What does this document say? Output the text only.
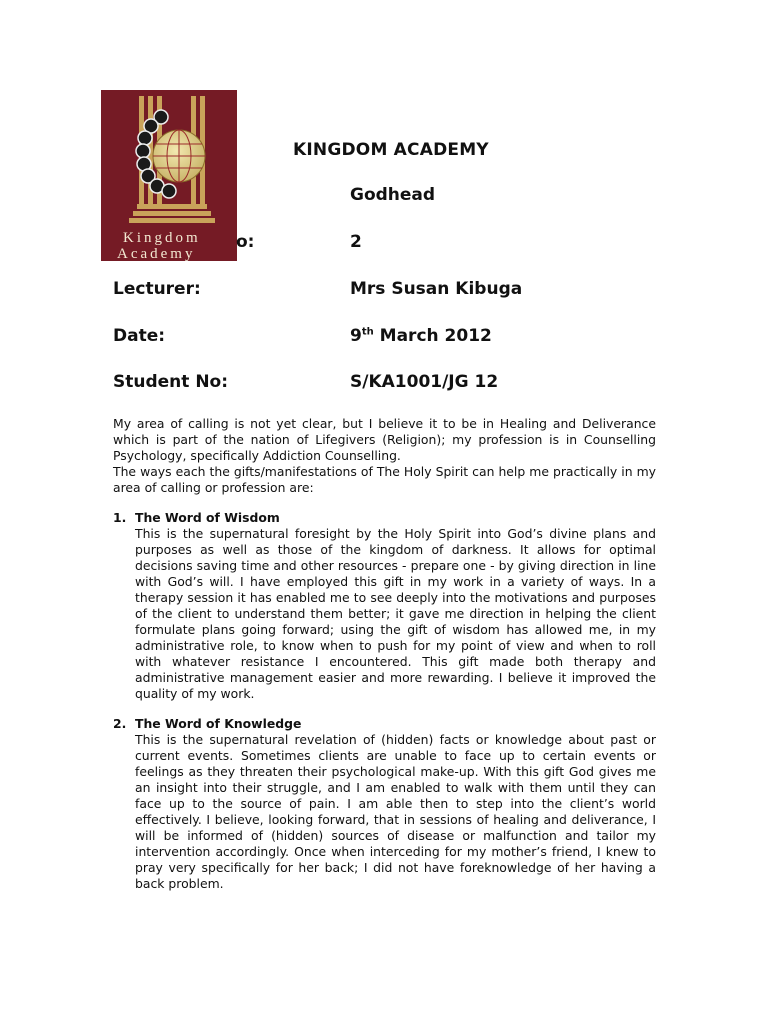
Kingdom
Academy
KINGDOM ACADEMY
Godhead
o:	2
Lecturer:	Mrs Susan Kibuga
Date:	9th March 2012
Student No:	S/KA1001/JG 12

My area of calling is not yet clear, but I believe it to be in Healing and Deliverance which is part of the nation of Lifegivers (Religion); my profession is in Counselling Psychology, specifically Addiction Counselling.

The ways each the gifts/manifestations of The Holy Spirit can help me practically in my area of calling or profession are:

1. The Word of Wisdom
This is the supernatural foresight by the Holy Spirit into God’s divine plans and purposes as well as those of the kingdom of darkness. It allows for optimal decisions saving time and other resources - prepare one - by giving direction in line with God’s will. I have employed this gift in my work in a variety of ways. In a therapy session it has enabled me to see deeply into the motivations and purposes of the client to understand them better; it gave me direction in helping the client formulate plans going forward; using the gift of wisdom has allowed me, in my administrative role, to know when to push for my point of view and when to roll with whatever resistance I encountered. This gift made both therapy and administrative management easier and more rewarding. I believe it improved the quality of my work.
2. The Word of Knowledge
This is the supernatural revelation of (hidden) facts or knowledge about past or current events. Sometimes clients are unable to face up to certain events or feelings as they threaten their psychological make-up. With this gift God gives me an insight into their struggle, and I am enabled to walk with them until they can face up to the source of pain. I am able then to step into the client’s world effectively. I believe, looking forward, that in sessions of healing and deliverance, I will be informed of (hidden) sources of disease or malfunction and tailor my intervention accordingly. Once when interceding for my mother’s friend, I knew to pray very specifically for her back; I did not have foreknowledge of her having a back problem.
